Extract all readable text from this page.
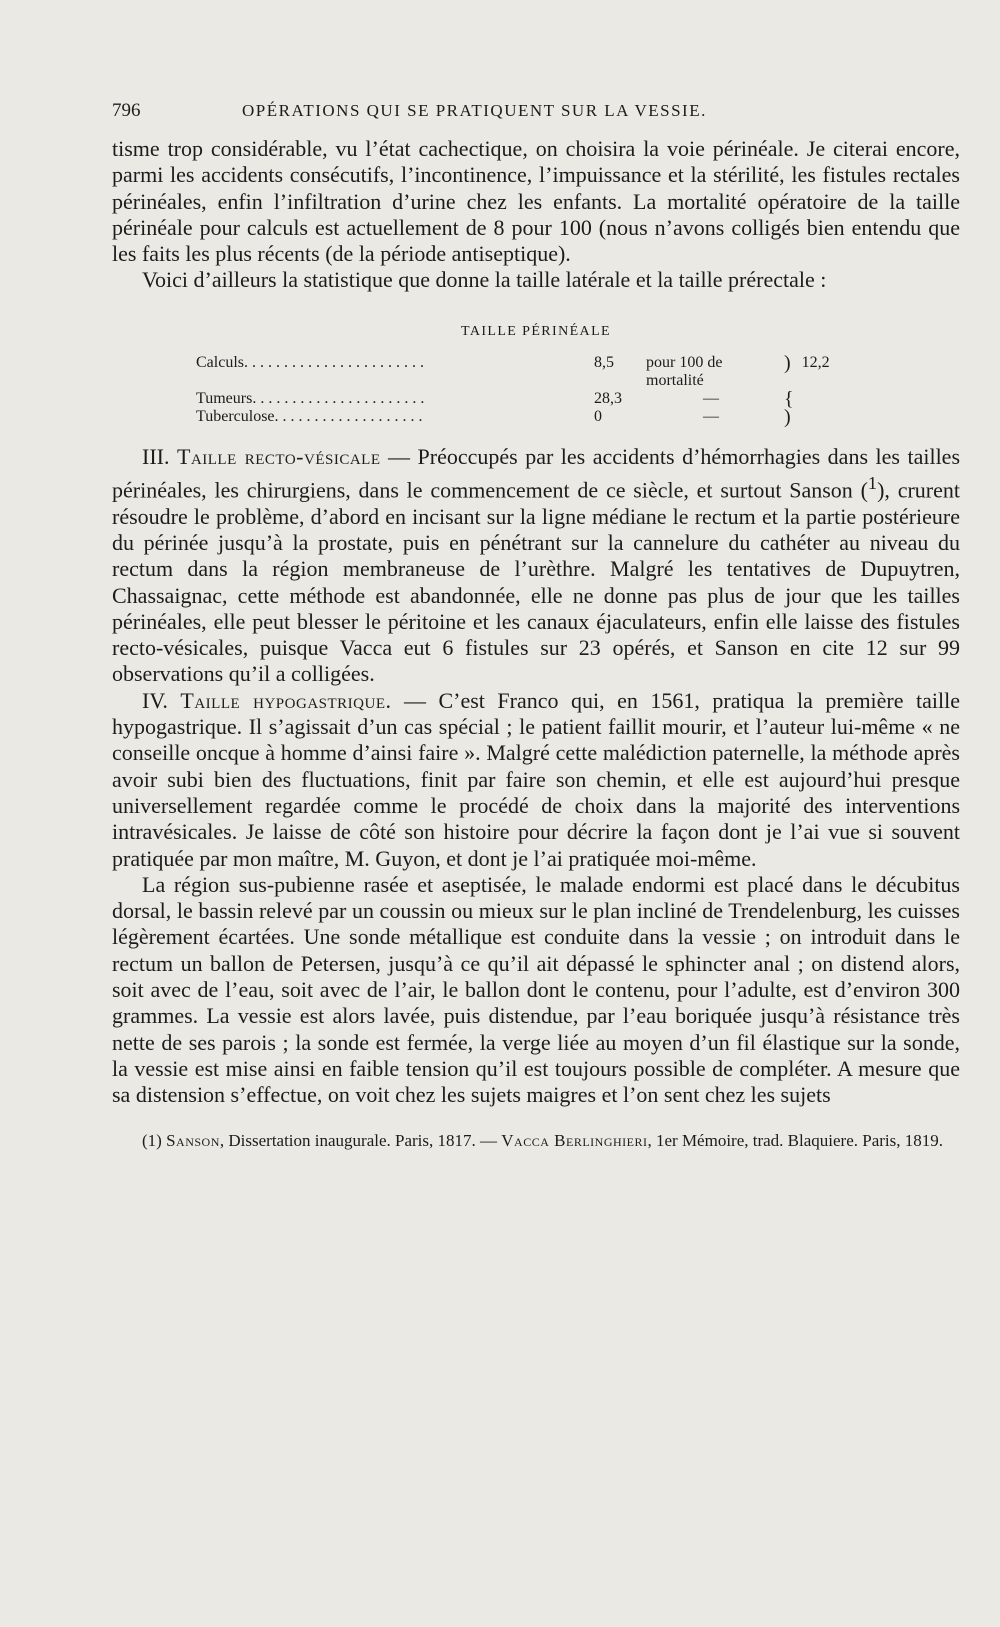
796	OPÉRATIONS QUI SE PRATIQUENT SUR LA VESSIE.

tisme trop considérable, vu l’état cachectique, on choisira la voie périnéale. Je citerai encore, parmi les accidents consécutifs, l’incontinence, l’impuissance et la stérilité, les fistules rectales périnéales, enfin l’infiltration d’urine chez les enfants. La mortalité opératoire de la taille périnéale pour calculs est actuellement de 8 pour 100 (nous n’avons colligés bien entendu que les faits les plus récents (de la période antiseptique).

Voici d’ailleurs la statistique que donne la taille latérale et la taille prérectale :

TAILLE PÉRINÉALE
Calculs. . . . . . . . . . . . . . . . . . . . . . .	8,5	pour 100 de mortalité	)	12,2
Tumeurs. . . . . . . . . . . . . . . . . . . . . .	28,3	—	{	
Tuberculose. . . . . . . . . . . . . . . . . . .	0	—	)	

III. Taille recto-vésicale — Préoccupés par les accidents d’hémorrhagies dans les tailles périnéales, les chirurgiens, dans le commencement de ce siècle, et surtout Sanson ($^1$), crurent résoudre le problème, d’abord en incisant sur la ligne médiane le rectum et la partie postérieure du périnée jusqu’à la prostate, puis en pénétrant sur la cannelure du cathéter au niveau du rectum dans la région membraneuse de l’urèthre. Malgré les tentatives de Dupuytren, Chassaignac, cette méthode est abandonnée, elle ne donne pas plus de jour que les tailles périnéales, elle peut blesser le péritoine et les canaux éjaculateurs, enfin elle laisse des fistules recto-vésicales, puisque Vacca eut 6 fistules sur 23 opérés, et Sanson en cite 12 sur 99 observations qu’il a colligées.

IV. Taille hypogastrique. — C’est Franco qui, en 1561, pratiqua la première taille hypogastrique. Il s’agissait d’un cas spécial ; le patient faillit mourir, et l’auteur lui-même « ne conseille oncque à homme d’ainsi faire ». Malgré cette malédiction paternelle, la méthode après avoir subi bien des fluctuations, finit par faire son chemin, et elle est aujourd’hui presque universellement regardée comme le procédé de choix dans la majorité des interventions intravésicales. Je laisse de côté son histoire pour décrire la façon dont je l’ai vue si souvent pratiquée par mon maître, M. Guyon, et dont je l’ai pratiquée moi-même.

La région sus-pubienne rasée et aseptisée, le malade endormi est placé dans le décubitus dorsal, le bassin relevé par un coussin ou mieux sur le plan incliné de Trendelenburg, les cuisses légèrement écartées. Une sonde métallique est conduite dans la vessie ; on introduit dans le rectum un ballon de Petersen, jusqu’à ce qu’il ait dépassé le sphincter anal ; on distend alors, soit avec de l’eau, soit avec de l’air, le ballon dont le contenu, pour l’adulte, est d’environ 300 grammes. La vessie est alors lavée, puis distendue, par l’eau boriquée jusqu’à résistance très nette de ses parois ; la sonde est fermée, la verge liée au moyen d’un fil élastique sur la sonde, la vessie est mise ainsi en faible tension qu’il est toujours possible de compléter. A mesure que sa distension s’effectue, on voit chez les sujets maigres et l’on sent chez les sujets

(1) Sanson, Dissertation inaugurale. Paris, 1817. — Vacca Berlinghieri, 1er Mémoire, trad. Blaquiere. Paris, 1819.
